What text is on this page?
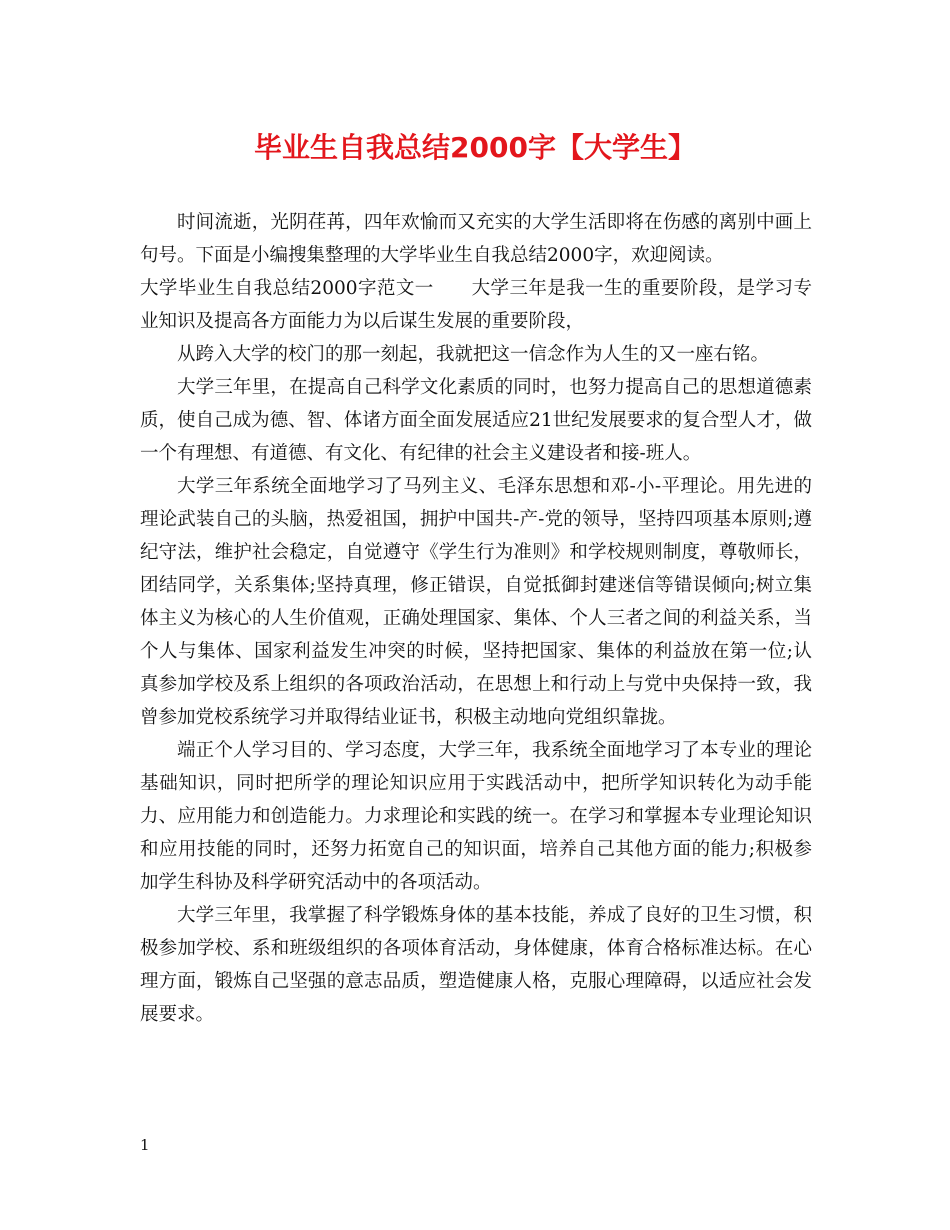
毕业生自我总结2000字【大学生】

时间流逝，光阴荏苒，四年欢愉而又充实的大学生活即将在伤感的离别中画上句号。下面是小编搜集整理的大学毕业生自我总结2000字，欢迎阅读。

大学毕业生自我总结2000字范文一　　大学三年是我一生的重要阶段，是学习专业知识及提高各方面能力为以后谋生发展的重要阶段，

从跨入大学的校门的那一刻起，我就把这一信念作为人生的又一座右铭。

大学三年里，在提高自己科学文化素质的同时，也努力提高自己的思想道德素质，使自己成为德、智、体诸方面全面发展适应21世纪发展要求的复合型人才，做一个有理想、有道德、有文化、有纪律的社会主义建设者和接-班人。

大学三年系统全面地学习了马列主义、毛泽东思想和邓-小-平理论。用先进的理论武装自己的头脑，热爱祖国，拥护中国共-产-党的领导，坚持四项基本原则;遵纪守法，维护社会稳定，自觉遵守《学生行为准则》和学校规则制度，尊敬师长，团结同学，关系集体;坚持真理，修正错误，自觉抵御封建迷信等错误倾向;树立集体主义为核心的人生价值观，正确处理国家、集体、个人三者之间的利益关系，当个人与集体、国家利益发生冲突的时候，坚持把国家、集体的利益放在第一位;认真参加学校及系上组织的各项政治活动，在思想上和行动上与党中央保持一致，我曾参加党校系统学习并取得结业证书，积极主动地向党组织靠拢。

端正个人学习目的、学习态度，大学三年，我系统全面地学习了本专业的理论基础知识，同时把所学的理论知识应用于实践活动中，把所学知识转化为动手能力、应用能力和创造能力。力求理论和实践的统一。在学习和掌握本专业理论知识和应用技能的同时，还努力拓宽自己的知识面，培养自己其他方面的能力;积极参加学生科协及科学研究活动中的各项活动。

大学三年里，我掌握了科学锻炼身体的基本技能，养成了良好的卫生习惯，积极参加学校、系和班级组织的各项体育活动，身体健康，体育合格标准达标。在心理方面，锻炼自己坚强的意志品质，塑造健康人格，克服心理障碍，以适应社会发展要求。

1
